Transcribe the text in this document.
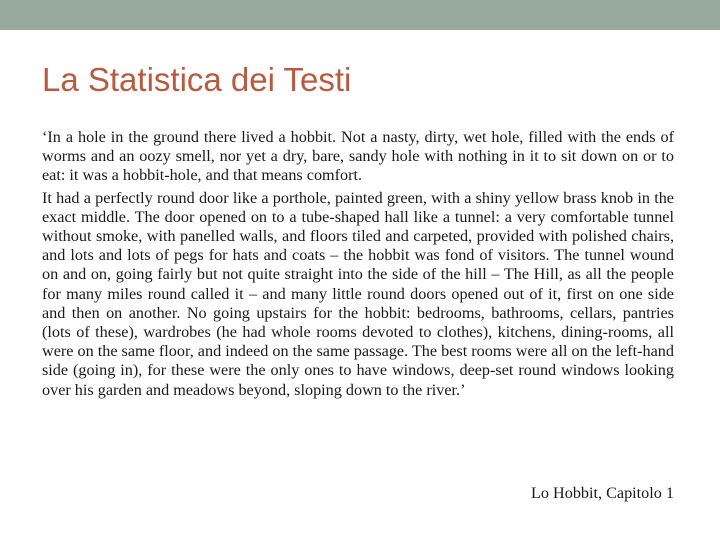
La Statistica dei Testi

‘In a hole in the ground there lived a hobbit. Not a nasty, dirty, wet hole, filled with the ends of worms and an oozy smell, nor yet a dry, bare, sandy hole with nothing in it to sit down on or to eat: it was a hobbit-hole, and that means comfort.

It had a perfectly round door like a porthole, painted green, with a shiny yellow brass knob in the exact middle. The door opened on to a tube-shaped hall like a tunnel: a very comfortable tunnel without smoke, with panelled walls, and floors tiled and carpeted, provided with polished chairs, and lots and lots of pegs for hats and coats – the hobbit was fond of visitors. The tunnel wound on and on, going fairly but not quite straight into the side of the hill – The Hill, as all the people for many miles round called it – and many little round doors opened out of it, first on one side and then on another. No going upstairs for the hobbit: bedrooms, bathrooms, cellars, pantries (lots of these), wardrobes (he had whole rooms devoted to clothes), kitchens, dining-rooms, all were on the same floor, and indeed on the same passage. The best rooms were all on the left-hand side (going in), for these were the only ones to have windows, deep-set round windows looking over his garden and meadows beyond, sloping down to the river.’

Lo Hobbit, Capitolo 1
